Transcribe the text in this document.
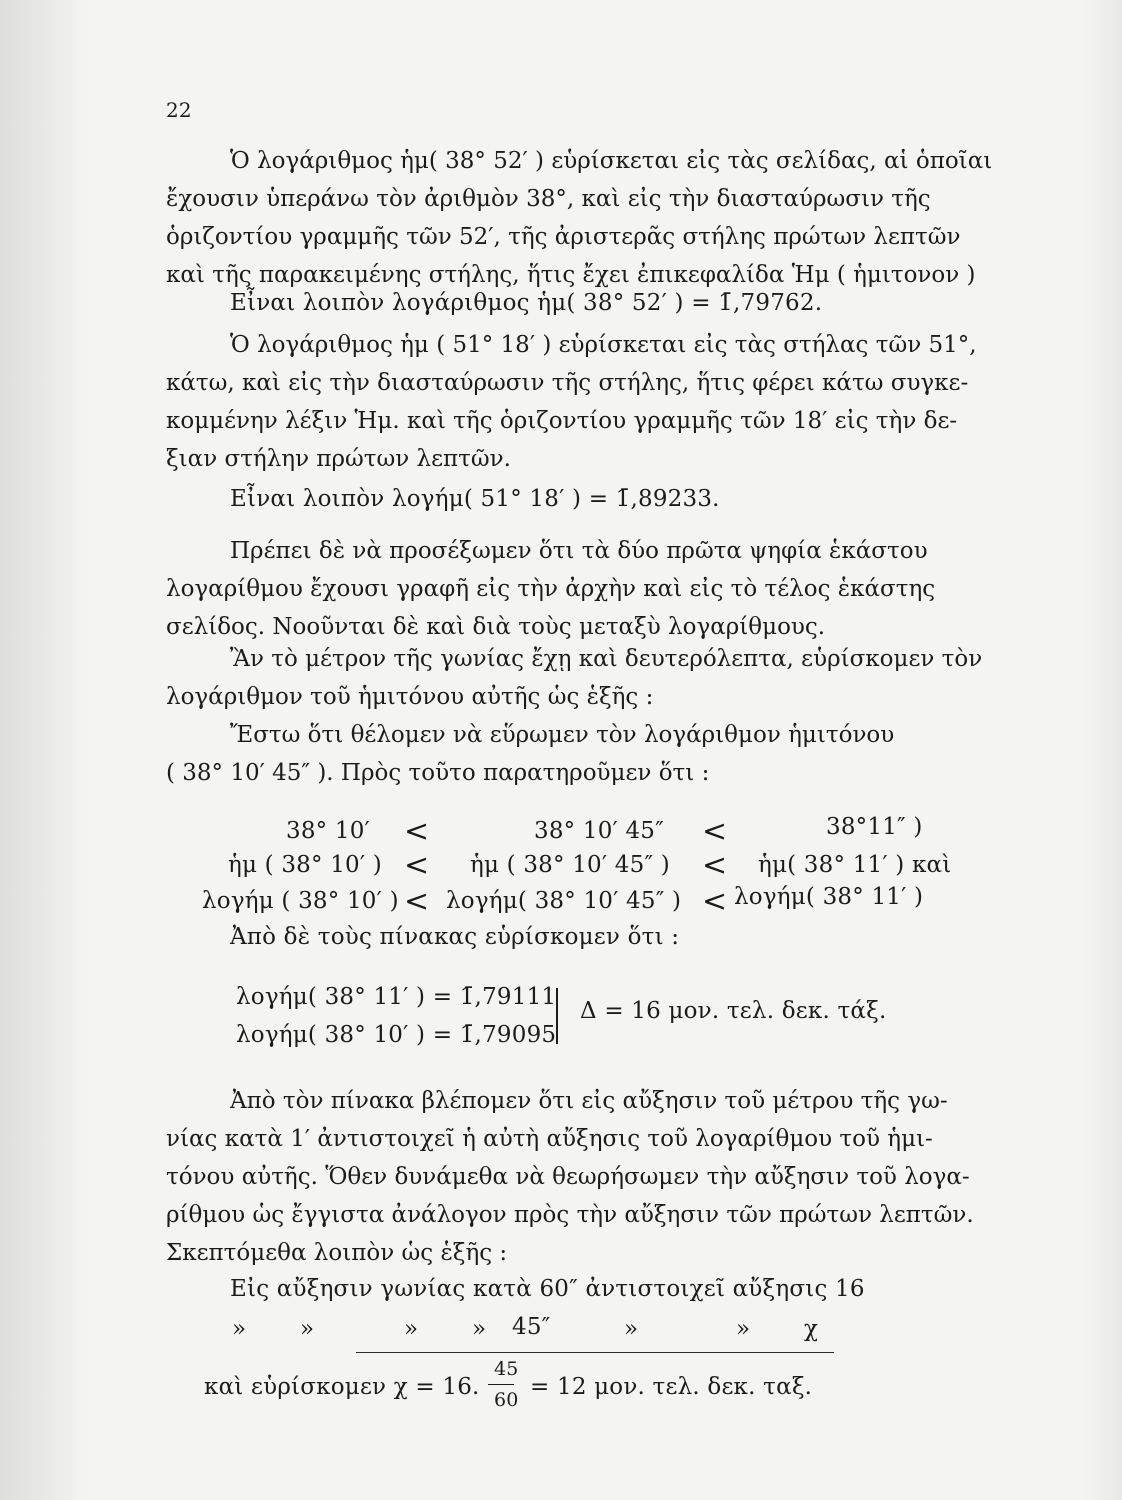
22
Ὁ λογάριθμος ἡμ( 38° 52′ ) εὑρίσκεται εἰς τὰς σελίδας, αἱ ὁποῖαι
ἔχουσιν ὑπεράνω τὸν ἀριθμὸν 38°, καὶ εἰς τὴν διασταύρωσιν τῆς
ὁριζοντίου γραμμῆς τῶν 52′, τῆς ἀριστερᾶς στήλης πρώτων λεπτῶν
καὶ τῆς παρακειμένης στήλης, ἥτις ἔχει ἐπικεφαλίδα Ἡμ ( ἡμιτονον )
Εἶναι λοιπὸν λογάριθμος ἡμ( 38° 52′ ) = 1̄,79762.
Ὁ λογάριθμος ἡμ ( 51° 18′ ) εὑρίσκεται εἰς τὰς στήλας τῶν 51°,
κάτω, καὶ εἰς τὴν διασταύρωσιν τῆς στήλης, ἥτις φέρει κάτω συγκε-
κομμένην λέξιν Ἡμ. καὶ τῆς ὁριζοντίου γραμμῆς τῶν 18′ εἰς τὴν δε-
ξιαν στήλην πρώτων λεπτῶν.
Εἶναι λοιπὸν λογήμ( 51° 18′ ) = 1̄,89233.
Πρέπει δὲ νὰ προσέξωμεν ὅτι τὰ δύο πρῶτα ψηφία ἑκάστου
λογαρίθμου ἔχουσι γραφῆ εἰς τὴν ἀρχὴν καὶ εἰς τὸ τέλος ἑκάστης
σελίδος. Νοοῦνται δὲ καὶ διὰ τοὺς μεταξὺ λογαρίθμους.
Ἂν τὸ μέτρον τῆς γωνίας ἔχῃ καὶ δευτερόλεπτα, εὑρίσκομεν τὸν
λογάριθμον τοῦ ἡμιτόνου αὐτῆς ὡς ἑξῆς :
Ἔστω ὅτι θέλομεν νὰ εὕρωμεν τὸν λογάριθμον ἡμιτόνου
( 38° 10′ 45″ ). Πρὸς τοῦτο παρατηροῦμεν ὅτι :
38° 10′ <	38° 10′ 45″ <	38°11″ )
ἡμ ( 38° 10′ ) < ἡμ ( 38° 10′ 45″ ) < ἡμ( 38° 11′ ) καὶ
λογήμ ( 38° 10′ ) < λογήμ( 38° 10′ 45″ ) < λογήμ( 38° 11′ )
Ἀπὸ δὲ τοὺς πίνακας εὑρίσκομεν ὅτι :
λογήμ( 38° 11′ ) = 1̄,79111
λογήμ( 38° 10′ ) = 1̄,79095
Δ = 16 μον. τελ. δεκ. τάξ.
Ἀπὸ τὸν πίνακα βλέπομεν ὅτι εἰς αὔξησιν τοῦ μέτρου τῆς γω-
νίας κατὰ 1′ ἀντιστοιχεῖ ἡ αὐτὴ αὔξησις τοῦ λογαρίθμου τοῦ ἡμι-
τόνου αὐτῆς. Ὅθεν δυνάμεθα νὰ θεωρήσωμεν τὴν αὔξησιν τοῦ λογα-
ρίθμου ὡς ἔγγιστα ἀνάλογον πρὸς τὴν αὔξησιν τῶν πρώτων λεπτῶν.
Σκεπτόμεθα λοιπὸν ὡς ἑξῆς :
Εἰς αὔξησιν γωνίας κατὰ 60″ ἀντιστοιχεῖ αὔξησις 16
» »	» » 45″	»	» χ
καὶ εὑρίσκομεν χ = 16.
45
60 = 12 μον. τελ. δεκ. ταξ.
